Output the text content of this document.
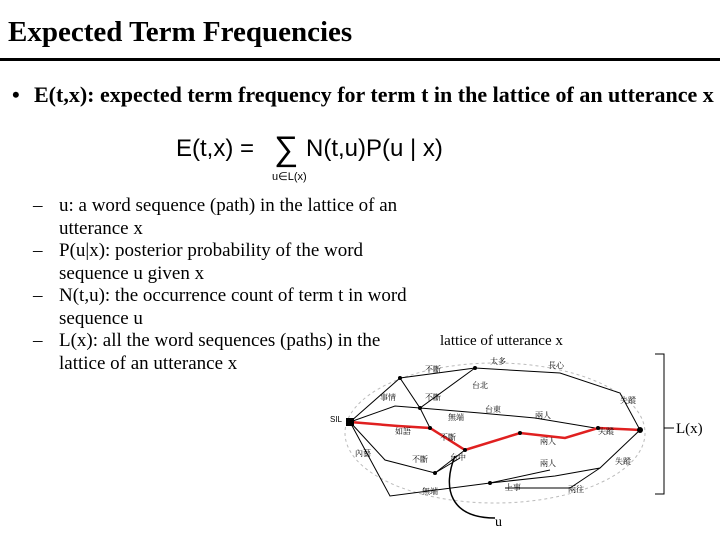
Expected Term Frequencies
• E(t,x): expected term frequency for term t in the lattice of an utterance x
E(t,x) = ∑
u∈L(x)
N(t,u)P(u | x)
– u: a word sequence (path) in the lattice of an utterance x
– P(u|x): posterior probability of the word sequence u given x
– N(t,u): the occurrence count of term t in word sequence u
– L(x): all the word sequences (paths) in the lattice of an utterance x
lattice of utterance x
太多	長心
不斷
台北
事情	不斷
無端
台東
兩人
失蹤
如語
不斷	兩人
失蹤
內藝
不斷	台中
兩人	失蹤
無端	上事	兩往
SIL
u
L(x)
